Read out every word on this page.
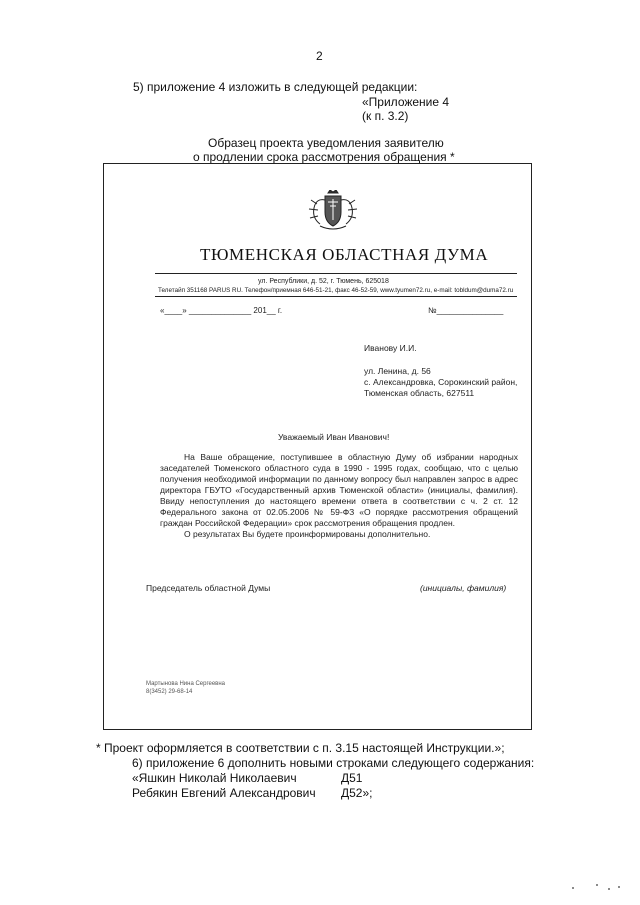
2
5) приложение 4 изложить в следующей редакции:
«Приложение 4
(к п. 3.2)
Образец проекта уведомления заявителю
о продлении срока рассмотрения обращения *
ТЮМЕНСКАЯ ОБЛАСТНАЯ ДУМА
ул. Республики, д. 52, г. Тюмень, 625018
Телетайп 351168 PARUS RU. Телефон/приемная 646-51-21, факс 46-52-59, www.tyumen72.ru, e-mail: tobldum@duma72.ru
«____» ______________ 201__ г.	№_______________
Иванову И.И.
ул. Ленина, д. 56
с. Александровка, Сорокинский район,
Тюменская область, 627511
Уважаемый Иван Иванович!

На Ваше обращение, поступившее в областную Думу об избрании народных заседателей Тюменского областного суда в 1990 - 1995 годах, сообщаю, что с целью получения необходимой информации по данному вопросу был направлен запрос в адрес директора ГБУТО «Государственный архив Тюменской области» (инициалы, фамилия). Ввиду непоступления до настоящего времени ответа в соответствии с ч. 2 ст. 12 Федерального закона от 02.05.2006 № 59-ФЗ «О порядке рассмотрения обращений граждан Российской Федерации» срок рассмотрения обращения продлен.

О результатах Вы будете проинформированы дополнительно.

Председатель областной Думы	(инициалы, фамилия)
Мартынова Нина Сергеевна
8(3452) 29-68-14
* Проект оформляется в соответствии с п. 3.15 настоящей Инструкции.»;
6) приложение 6 дополнить новыми строками следующего содержания:
«Яшкин Николай Николаевич	Д51
Ребякин Евгений Александрович Д52»;
